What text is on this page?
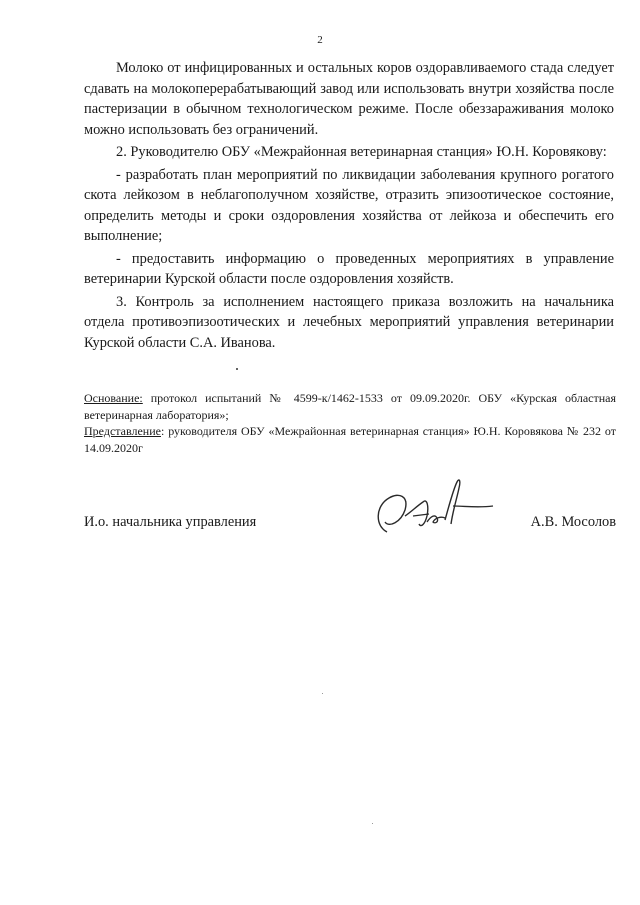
2

Молоко от инфицированных и остальных коров оздоравливаемого стада следует сдавать на молокоперерабатывающий завод или использовать внутри хозяйства после пастеризации в обычном технологическом режиме. После обеззараживания молоко можно использовать без ограничений.

2. Руководителю ОБУ «Межрайонная ветеринарная станция» Ю.Н. Коровякову:

- разработать план мероприятий по ликвидации заболевания крупного рогатого скота лейкозом в неблагополучном хозяйстве, отразить эпизоотическое состояние, определить методы и сроки оздоровления хозяйства от лейкоза и обеспечить его выполнение;

- предоставить информацию о проведенных мероприятиях в управление ветеринарии Курской области после оздоровления хозяйств.

3. Контроль за исполнением настоящего приказа возложить на начальника отдела противоэпизоотических и лечебных мероприятий управления ветеринарии Курской области С.А. Иванова.

Основание: протокол испытаний № 4599-к/1462-1533 от 09.09.2020г. ОБУ «Курская областная ветеринарная лаборатория»;

Представление: руководителя ОБУ «Межрайонная ветеринарная станция» Ю.Н. Коровякова № 232 от 14.09.2020г

И.о. начальника управления	А.В. Мосолов
